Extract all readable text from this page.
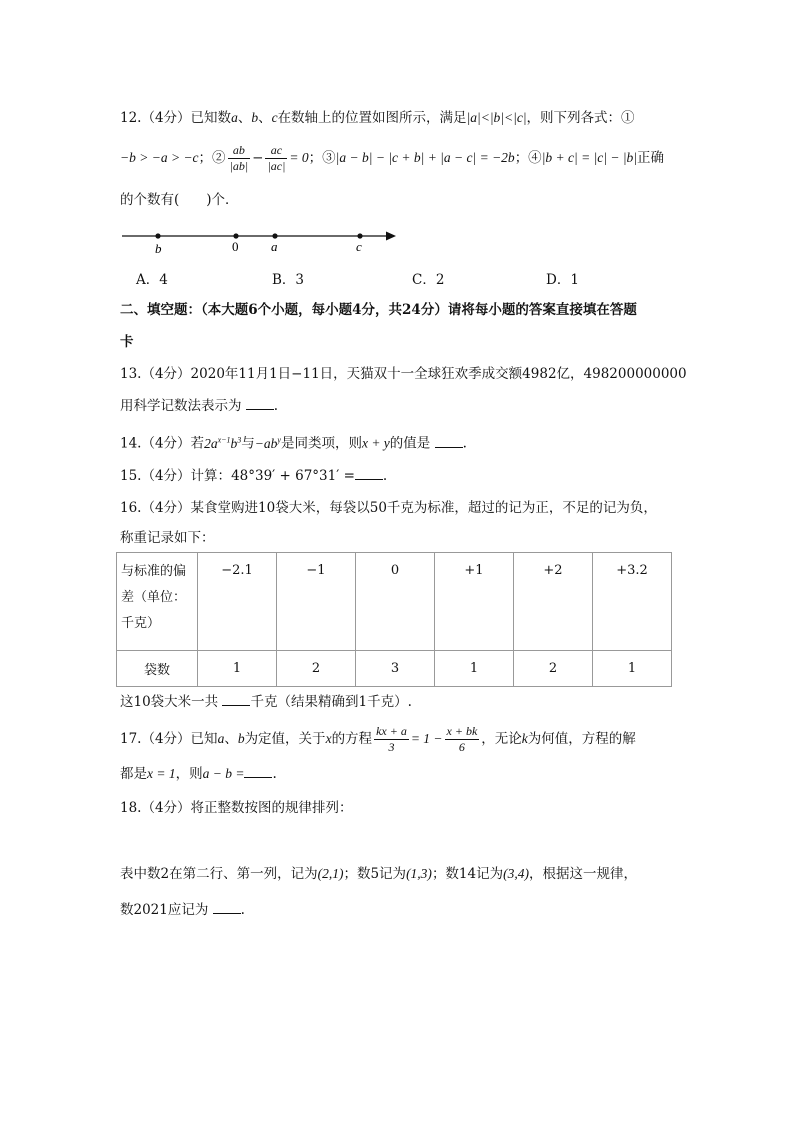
12.（4分）已知数a、b、c在数轴上的位置如图所示，满足|a|<|b|<|c|，则下列各式：①
−b > −a > −c；② $\frac{ab}{|ab|} - \frac{ac}{|ac|} = 0$；③|a − b| − |c + b| + |a − c| = −2b；④|b + c| = |c| − |b|正确
的个数有(　　)个．
b	0	a	c
A．4	B．3	C．2	D．1
二、填空题：（本大题6个小题，每小题4分，共24分）请将每小题的答案直接填在答题
卡
13.（4分）2020年11月1日−11日，天猫双十一全球狂欢季成交额4982亿，498200000000
用科学记数法表示为 .
14.（4分）若$2a^{x-1}b^3$与$-ab^y$是同类项，则x + y的值是 .
15.（4分）计算：48°39′ + 67°31′ = .
16.（4分）某食堂购进10袋大米，每袋以50千克为标准，超过的记为正，不足的记为负，
称重记录如下：
与标准的偏
差（单位：
千克）	−2.1	−1	0	+1	+2	+3.2
袋数	1	2	3	1	2	1
这10袋大米一共 千克（结果精确到1千克）.
17.（4分）已知a、b为定值，关于x的方程 $\frac{kx + a}{3} = 1 - \frac{x + bk}{6}$ ，无论k为何值，方程的解
都是x = 1，则a − b = .
18.（4分）将正整数按图的规律排列：
表中数2在第二行、第一列，记为(2,1)；数5记为(1,3)；数14记为(3,4)，根据这一规律，
数2021应记为 .
